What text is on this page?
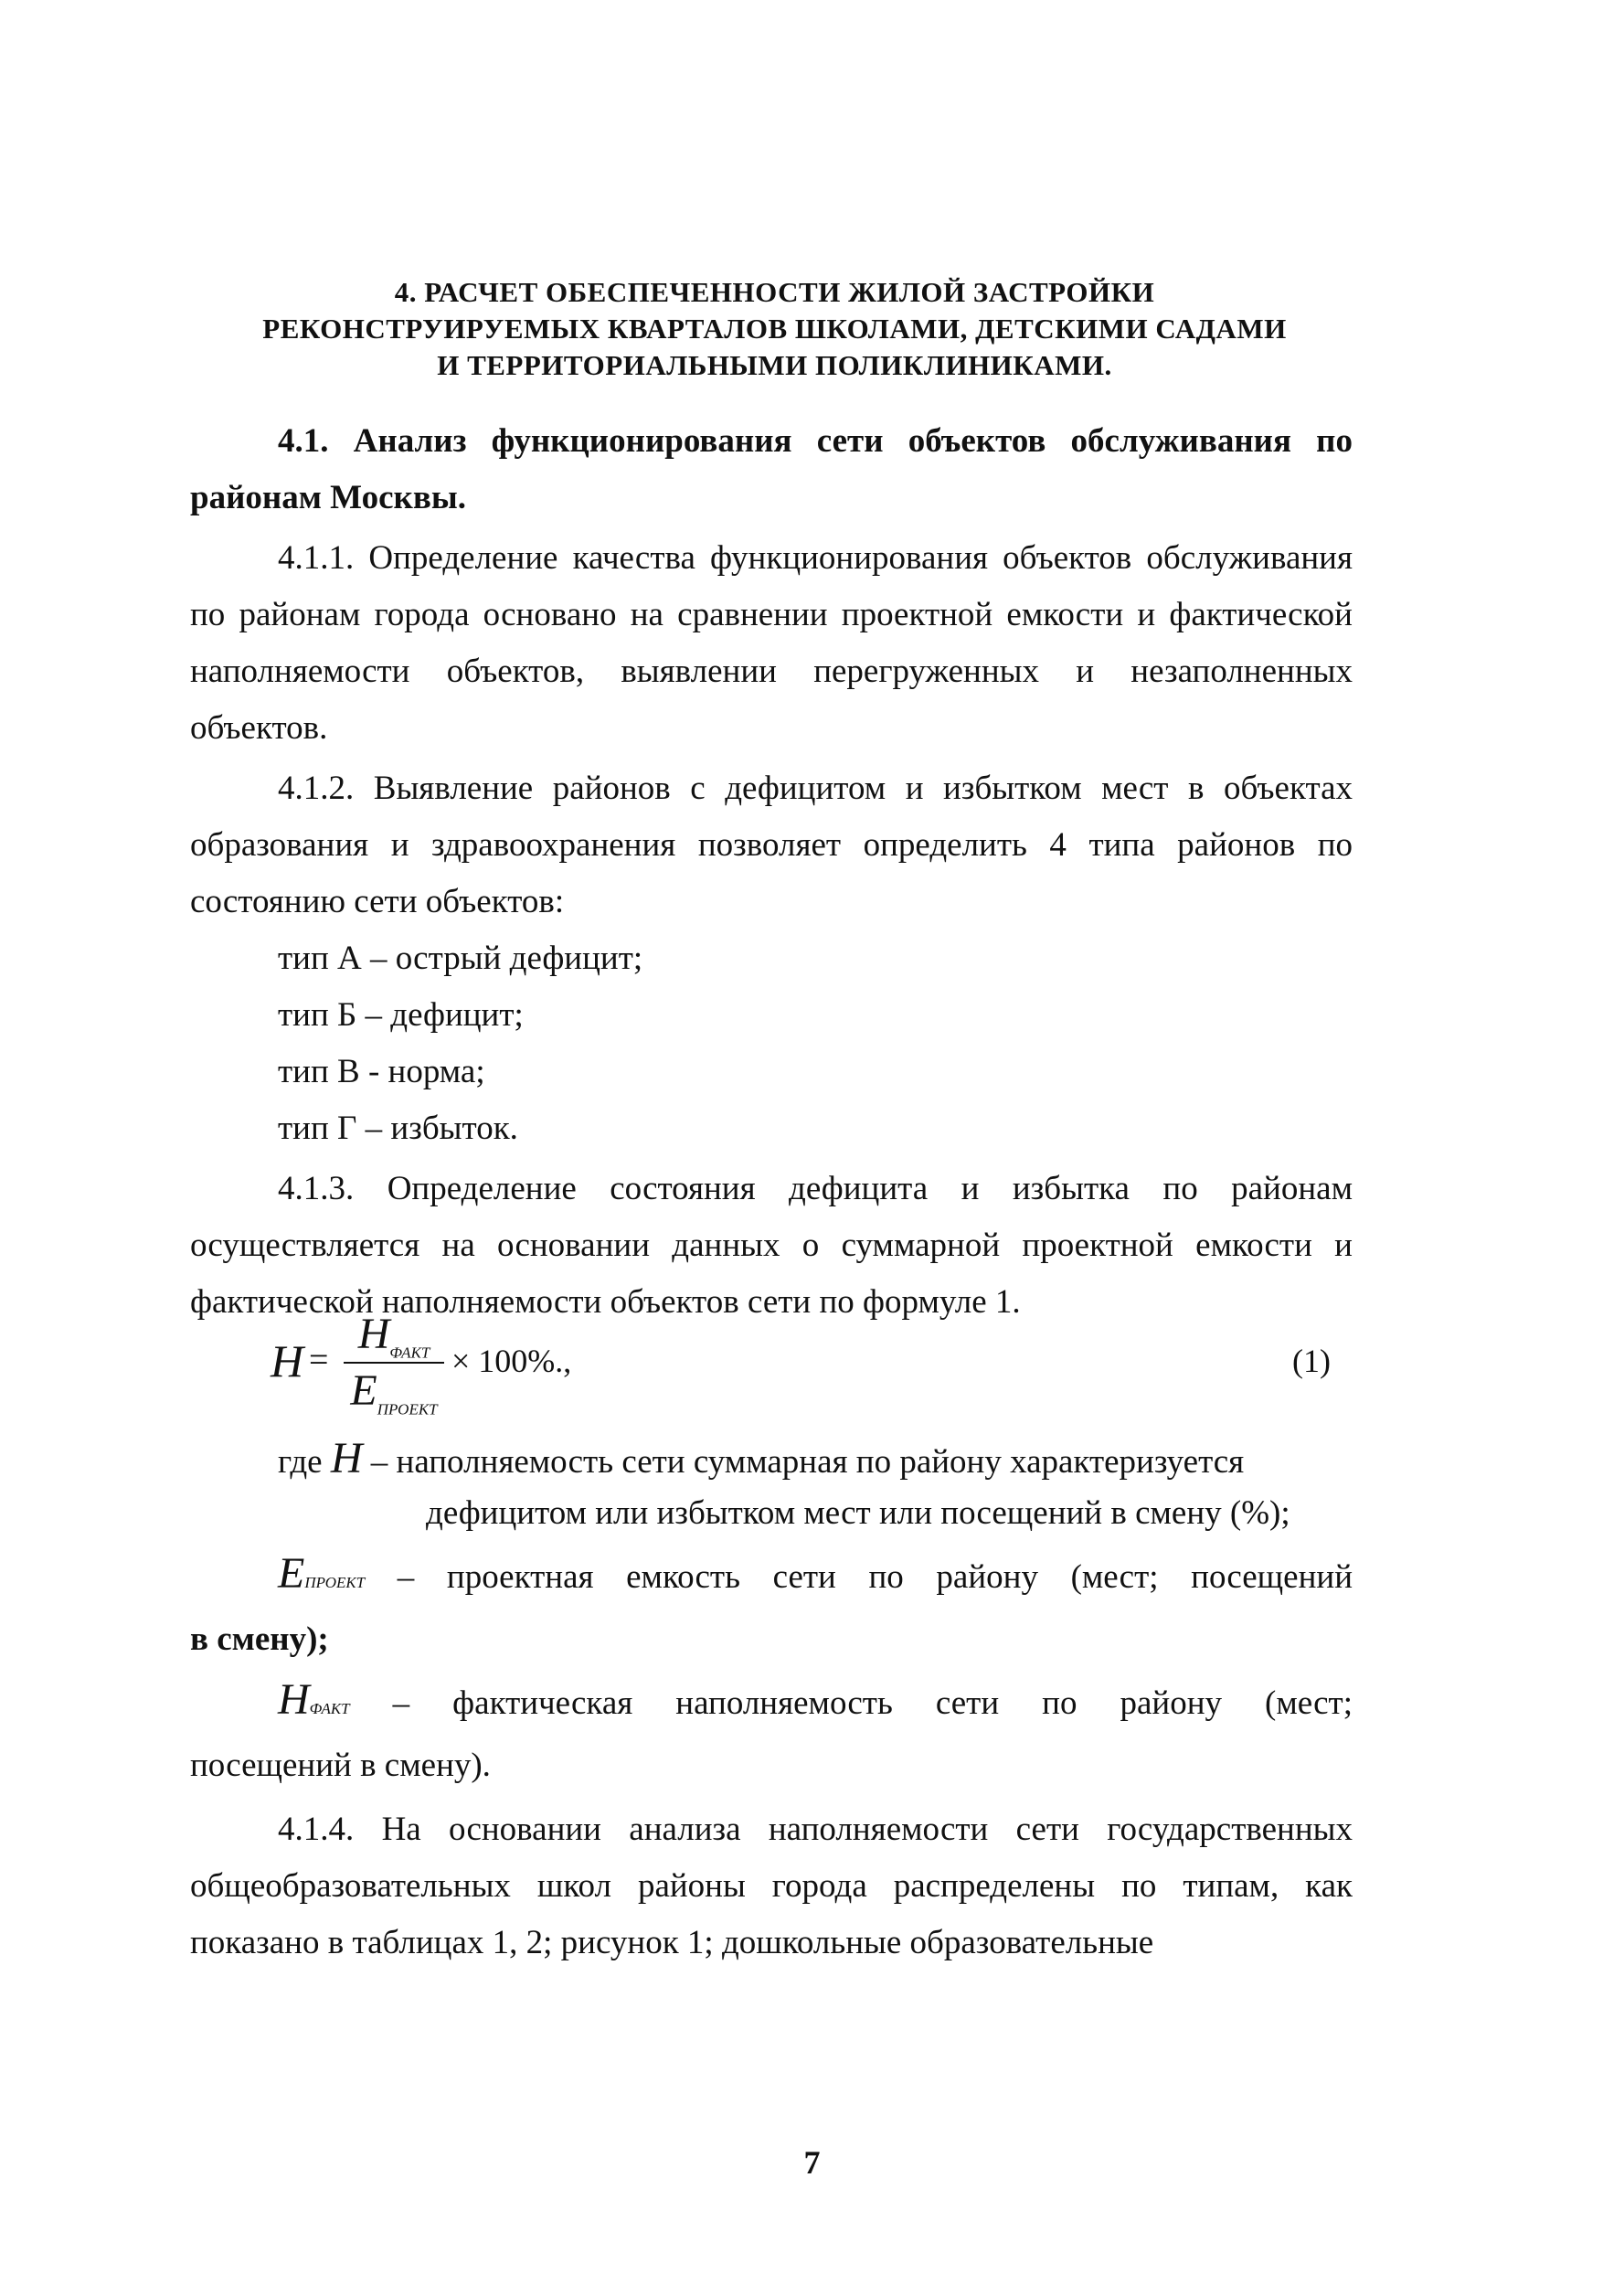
4. РАСЧЕТ ОБЕСПЕЧЕННОСТИ ЖИЛОЙ ЗАСТРОЙКИ
РЕКОНСТРУИРУЕМЫХ КВАРТАЛОВ ШКОЛАМИ, ДЕТСКИМИ САДАМИ
И ТЕРРИТОРИАЛЬНЫМИ ПОЛИКЛИНИКАМИ.

4.1. Анализ функционирования сети объектов обслуживания по районам Москвы.

4.1.1. Определение качества функционирования объектов обслуживания по районам города основано на сравнении проектной емкости и фактической наполняемости объектов, выявлении перегруженных и незаполненных объектов.

4.1.2. Выявление районов с дефицитом и избытком мест в объектах образования и здравоохранения позволяет определить 4 типа районов по состоянию сети объектов:

тип А – острый дефицит;
тип Б – дефицит;
тип В - норма;
тип Г – избыток.

4.1.3. Определение состояния дефицита и избытка по районам осуществляется на основании данных о суммарной проектной емкости и фактической наполняемости объектов сети по формуле 1.

H =
$H_{ФАКТ}$
$E_{ПРОЕКТ}$
× 100%.,	(1)
где H – наполняемость сети суммарная по району характеризуется
дефицитом или избытком мест или посещений в смену (%);
EПРОЕКТ – проектная емкость сети по району (мест; посещений
в смену);
HФАКТ – фактическая наполняемость сети по району (мест;
посещений в смену).

4.1.4. На основании анализа наполняемости сети государственных общеобразовательных школ районы города распределены по типам, как показано в таблицах 1, 2; рисунок 1; дошкольные образовательные

7
